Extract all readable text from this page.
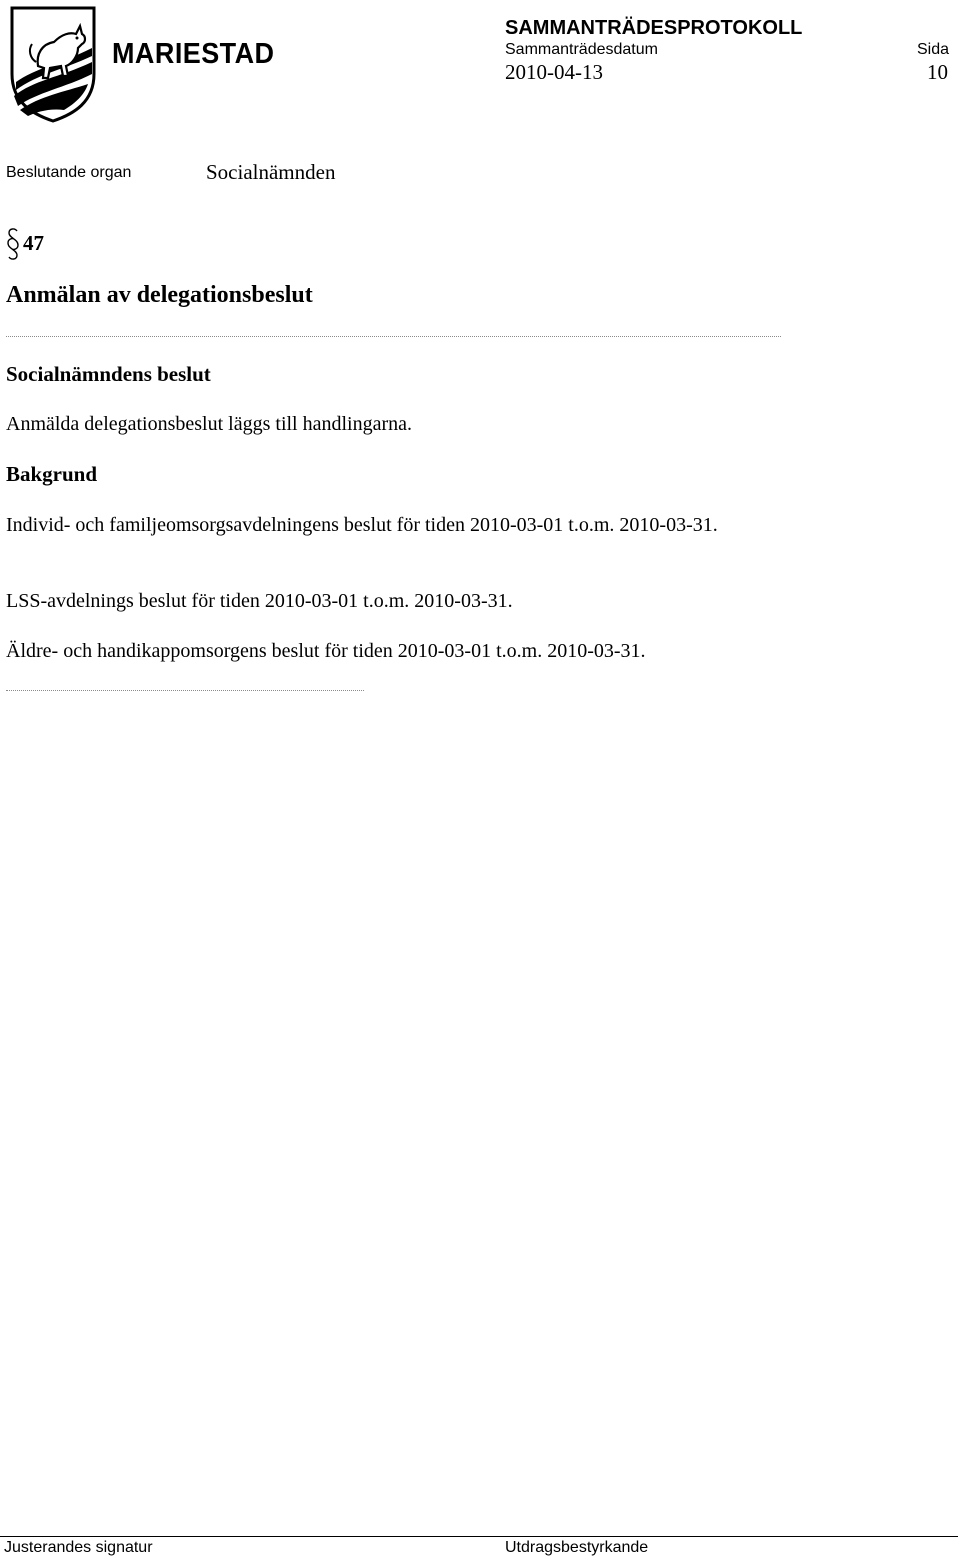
MARIESTAD
SAMMANTRÄDESPROTOKOLL
Sammanträdesdatum	Sida
2010-04-13	10
Beslutande organ	Socialnämnden
47
Anmälan av delegationsbeslut
Socialnämndens beslut
Anmälda delegationsbeslut läggs till handlingarna.
Bakgrund

Individ- och familjeomsorgsavdelningens beslut för tiden 2010-03-01 t.o.m. 2010-03-31.

LSS-avdelnings beslut för tiden 2010-03-01 t.o.m. 2010-03-31.

Äldre- och handikappomsorgens beslut för tiden 2010-03-01 t.o.m. 2010-03-31.

Justerandes signatur	Utdragsbestyrkande
